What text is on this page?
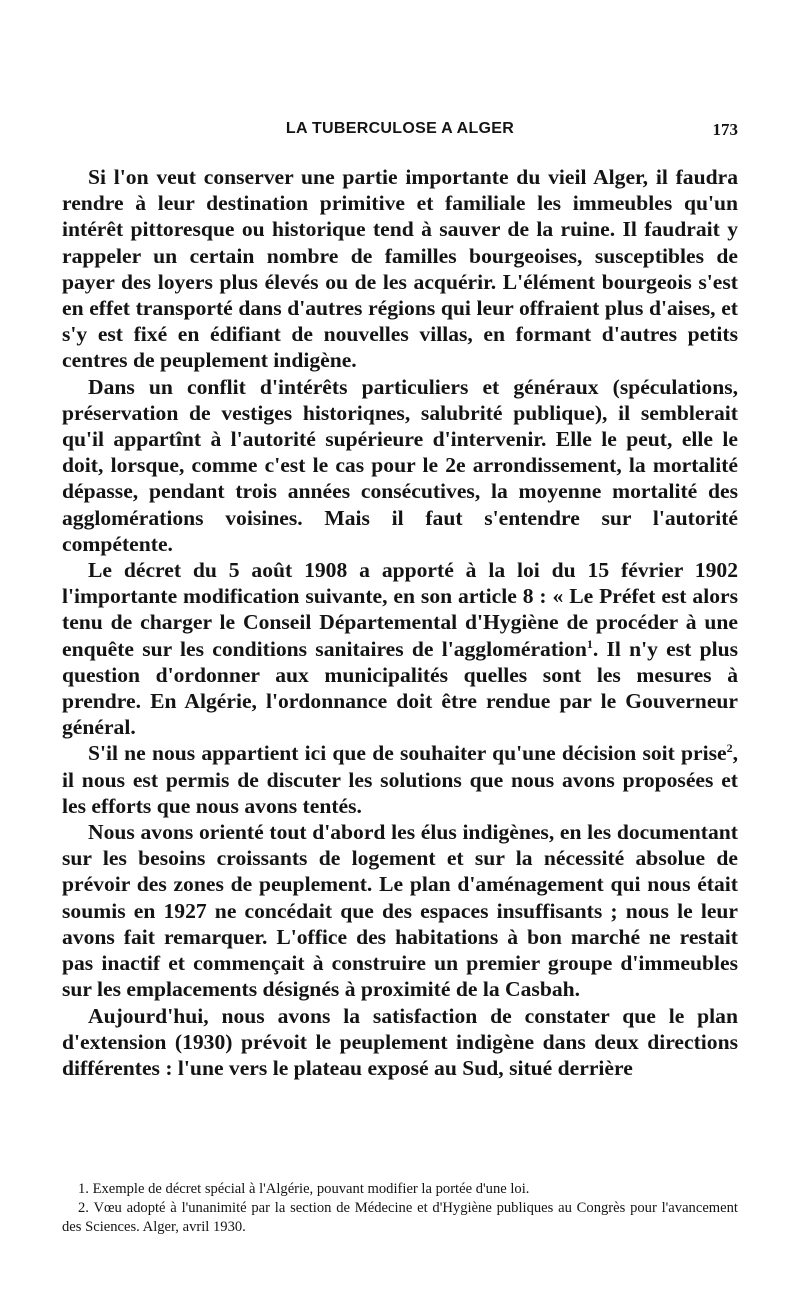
LA TUBERCULOSE A ALGER	173

Si l'on veut conserver une partie importante du vieil Alger, il faudra rendre à leur destination primitive et familiale les immeubles qu'un intérêt pittoresque ou historique tend à sauver de la ruine. Il faudrait y rappeler un certain nombre de familles bourgeoises, susceptibles de payer des loyers plus élevés ou de les acquérir. L'élément bourgeois s'est en effet transporté dans d'autres régions qui leur offraient plus d'aises, et s'y est fixé en édifiant de nouvelles villas, en formant d'autres petits centres de peuplement indigène.

Dans un conflit d'intérêts particuliers et généraux (spéculations, préservation de vestiges historiqnes, salubrité publique), il semblerait qu'il appartînt à l'autorité supérieure d'intervenir. Elle le peut, elle le doit, lorsque, comme c'est le cas pour le 2e arrondissement, la mortalité dépasse, pendant trois années consécutives, la moyenne mortalité des agglomérations voisines. Mais il faut s'entendre sur l'autorité compétente.

Le décret du 5 août 1908 a apporté à la loi du 15 février 1902 l'importante modification suivante, en son article 8 : « Le Préfet est alors tenu de charger le Conseil Départemental d'Hygiène de procéder à une enquête sur les conditions sanitaires de l'agglomération$^1$. Il n'y est plus question d'ordonner aux municipalités quelles sont les mesures à prendre. En Algérie, l'ordonnance doit être rendue par le Gouverneur général.

S'il ne nous appartient ici que de souhaiter qu'une décision soit prise$^2$, il nous est permis de discuter les solutions que nous avons proposées et les efforts que nous avons tentés.

Nous avons orienté tout d'abord les élus indigènes, en les documentant sur les besoins croissants de logement et sur la nécessité absolue de prévoir des zones de peuplement. Le plan d'aménagement qui nous était soumis en 1927 ne concédait que des espaces insuffisants ; nous le leur avons fait remarquer. L'office des habitations à bon marché ne restait pas inactif et commençait à construire un premier groupe d'immeubles sur les emplacements désignés à proximité de la Casbah.

Aujourd'hui, nous avons la satisfaction de constater que le plan d'extension (1930) prévoit le peuplement indigène dans deux directions différentes : l'une vers le plateau exposé au Sud, situé derrière

1. Exemple de décret spécial à l'Algérie, pouvant modifier la portée d'une loi.

2. Vœu adopté à l'unanimité par la section de Médecine et d'Hygiène publiques au Congrès pour l'avancement des Sciences. Alger, avril 1930.
